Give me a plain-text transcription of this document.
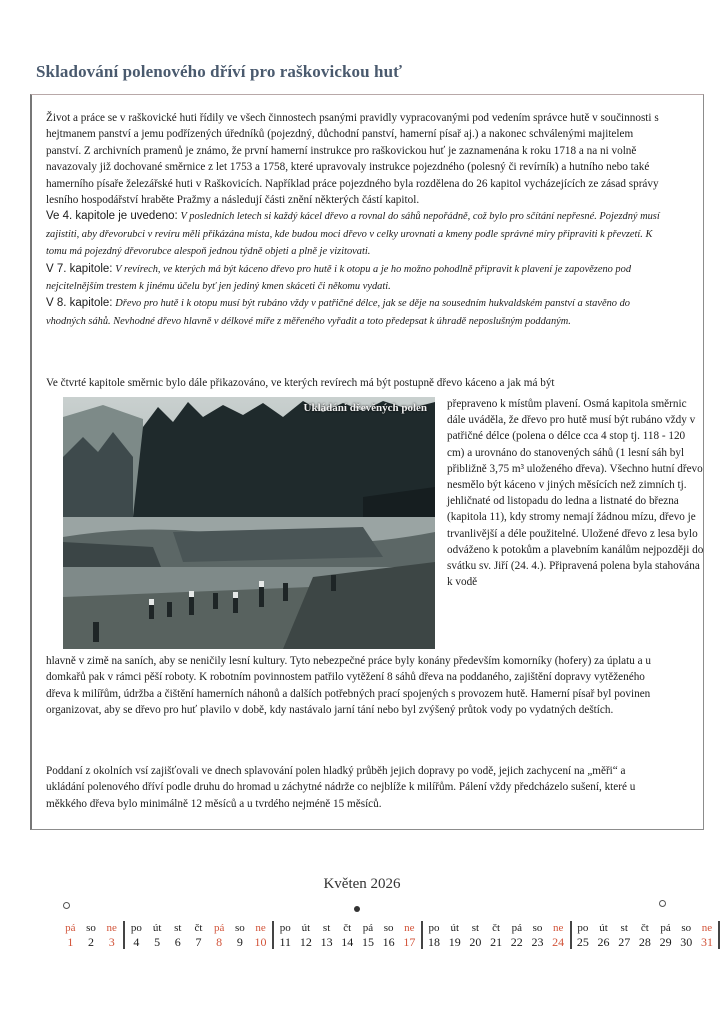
Skladování polenového dříví pro raškovickou huť
Život a práce se v raškovické huti řídily ve všech činnostech psanými pravidly vypracovanými pod vedením správce hutě v součinnosti s hejtmanem panství a jemu podřízených úředníků (pojezdný, důchodní panství, hamerní písař aj.) a nakonec schválenými majitelem panství. Z archivních pramenů je známo, že první hamerní instrukce pro raškovickou huť je zaznamenána k roku 1718 a na ni volně navazovaly již dochované směrnice z let 1753 a 1758, které upravovaly instrukce pojezdného (polesný či revírník) a hutního nebo také hamerního písaře železářské huti v Raškovicích. Například práce pojezdného byla rozdělena do 26 kapitol vycházejících ze zásad správy lesního hospodářství hraběte Pražmy a následují části znění některých částí kapitol.
Ve 4. kapitole je uvedeno: V posledních letech si každý kácel dřevo a rovnal do sáhů nepořádně, což bylo pro sčítání nepřesné. Pojezdný musí zajistiti, aby dřevorubci v revíru měli přikázána místa, kde budou moci dřevo v celky urovnati a kmeny podle správné míry připraviti k převzetí. K tomu má pojezdný dřevorubce alespoň jednou týdně objeti a plně je vizitovati.
V 7. kapitole: V revírech, ve kterých má být káceno dřevo pro hutě i k otopu a je ho možno pohodlně připravit k plavení je zapovězeno pod nejcitelnějším trestem k jinému účelu byť jen jediný kmen skáceti či někomu vydati.
V 8. kapitole: Dřevo pro hutě i k otopu musí být rubáno vždy v patřičné délce, jak se děje na sousedním hukvaldském panství a stavěno do vhodných sáhů. Nevhodné dřevo hlavně v délkové míře z měřeného vyřadit a toto předepsat k úhradě neposlušným poddaným.
Ve čtvrté kapitole směrnic bylo dále přikazováno, ve kterých revírech má být postupně dřevo káceno a jak má být
Ukládání dřevěných polen přepraveno k místům plavení. Osmá kapitola směrnic dále uváděla, že dřevo pro hutě musí být rubáno vždy v patřičné délce (polena o délce cca 4 stop tj. 118 - 120 cm) a urovnáno do stanovených sáhů (1 lesní sáh byl přibližně 3,75 m³ uloženého dřeva). Všechno hutní dřevo nesmělo být káceno v jiných měsících než zimních tj. jehličnaté od listopadu do ledna a listnaté do března (kapitola 11), kdy stromy nemají žádnou mízu, dřevo je trvanlivější a déle použitelné. Uložené dřevo z lesa bylo odváženo k potokům a plavebním kanálům nejpozději do svátku sv. Jiří (24. 4.). Připravená polena byla stahována k vodě
hlavně v zimě na saních, aby se neničily lesní kultury. Tyto nebezpečné práce byly konány především komorníky (hofery) za úplatu a u domkařů pak v rámci pěší roboty. K robotním povinnostem patřilo vytěžení 8 sáhů dřeva na poddaného, zajištění dopravy vytěženého dřeva k milířům, údržba a čištění hamerních náhonů a dalších potřebných prací spojených s provozem hutě. Hamerní písař byl povinen organizovat, aby se dřevo pro huť plavilo v době, kdy nastávalo jarní tání nebo byl zvýšený průtok vody po vydatných deštích.
Poddaní z okolních vsí zajišťovali ve dnech splavování polen hladký průběh jejich dopravy po vodě, jejich zachycení na „měři“ a ukládání polenového dříví podle druhu do hromad u záchytné nádrže co nejblíže k milířům. Pálení vždy předcházelo sušení, které u měkkého dřeva bylo minimálně 12 měsíců a u tvrdého nejméně 15 měsíců.
Květen 2026
pá
1
so
2
ne
3
po
4
út
5
st
6
čt
7
pá
8
so
9
ne
10
po
11
út
12
st
13
čt
14
pá
15
so
16
ne
17
po
18
út
19
st
20
čt
21
pá
22
so
23
ne
24
po
25
út
26
st
27
čt
28
pá
29
so
30
ne
31
